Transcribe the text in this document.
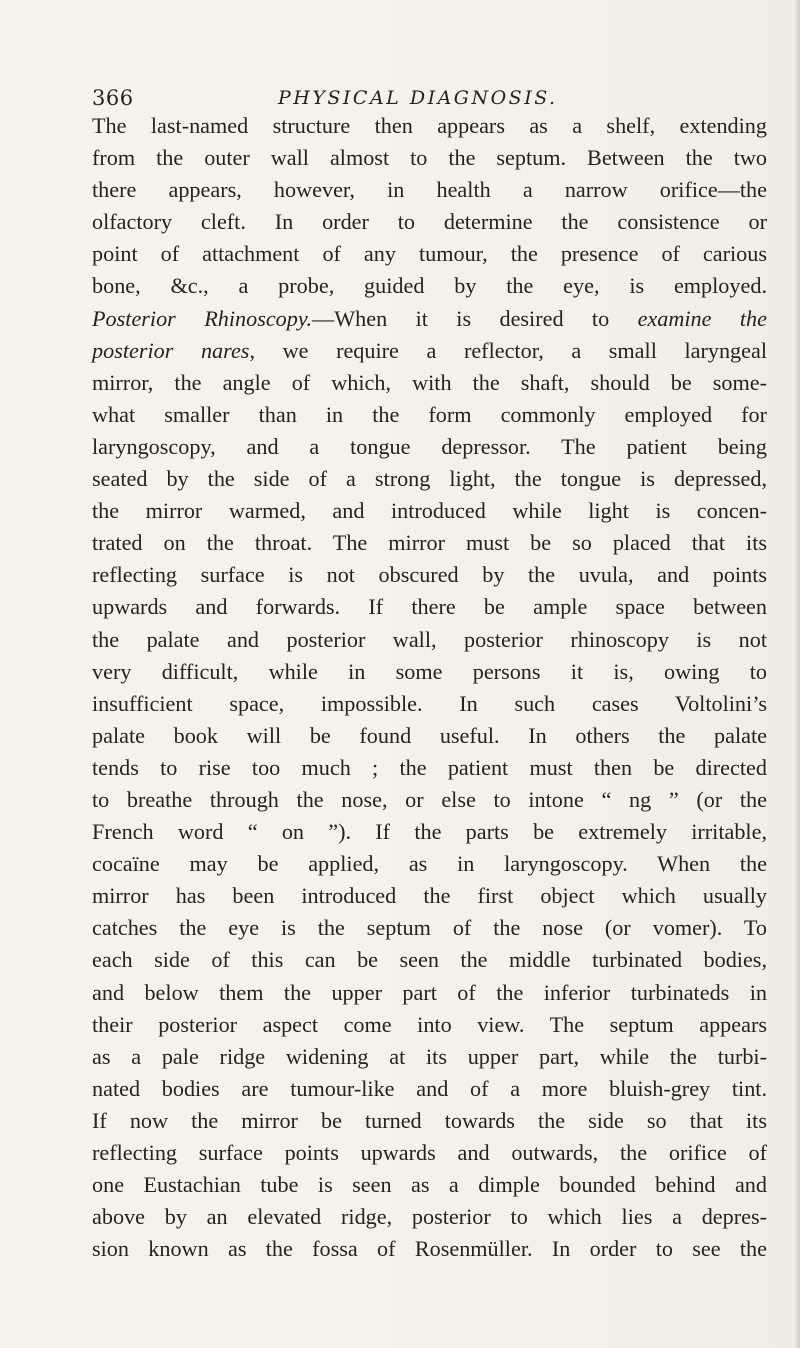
366	PHYSICAL DIAGNOSIS.
The last-named structure then appears as a shelf, extending
from the outer wall almost to the septum. Between the two
there appears, however, in health a narrow orifice—the
olfactory cleft. In order to determine the consistence or
point of attachment of any tumour, the presence of carious
bone, &c., a probe, guided by the eye, is employed.
Posterior Rhinoscopy.—When it is desired to examine the
posterior nares, we require a reflector, a small laryngeal
mirror, the angle of which, with the shaft, should be some-
what smaller than in the form commonly employed for
laryngoscopy, and a tongue depressor. The patient being
seated by the side of a strong light, the tongue is depressed,
the mirror warmed, and introduced while light is concen-
trated on the throat. The mirror must be so placed that its
reflecting surface is not obscured by the uvula, and points
upwards and forwards. If there be ample space between
the palate and posterior wall, posterior rhinoscopy is not
very difficult, while in some persons it is, owing to
insufficient space, impossible. In such cases Voltolini’s
palate book will be found useful. In others the palate
tends to rise too much ; the patient must then be directed
to breathe through the nose, or else to intone “ ng ” (or the
French word “ on ”). If the parts be extremely irritable,
cocaïne may be applied, as in laryngoscopy. When the
mirror has been introduced the first object which usually
catches the eye is the septum of the nose (or vomer). To
each side of this can be seen the middle turbinated bodies,
and below them the upper part of the inferior turbinateds in
their posterior aspect come into view. The septum appears
as a pale ridge widening at its upper part, while the turbi-
nated bodies are tumour-like and of a more bluish-grey tint.
If now the mirror be turned towards the side so that its
reflecting surface points upwards and outwards, the orifice of
one Eustachian tube is seen as a dimple bounded behind and
above by an elevated ridge, posterior to which lies a depres-
sion known as the fossa of Rosenmüller. In order to see the
